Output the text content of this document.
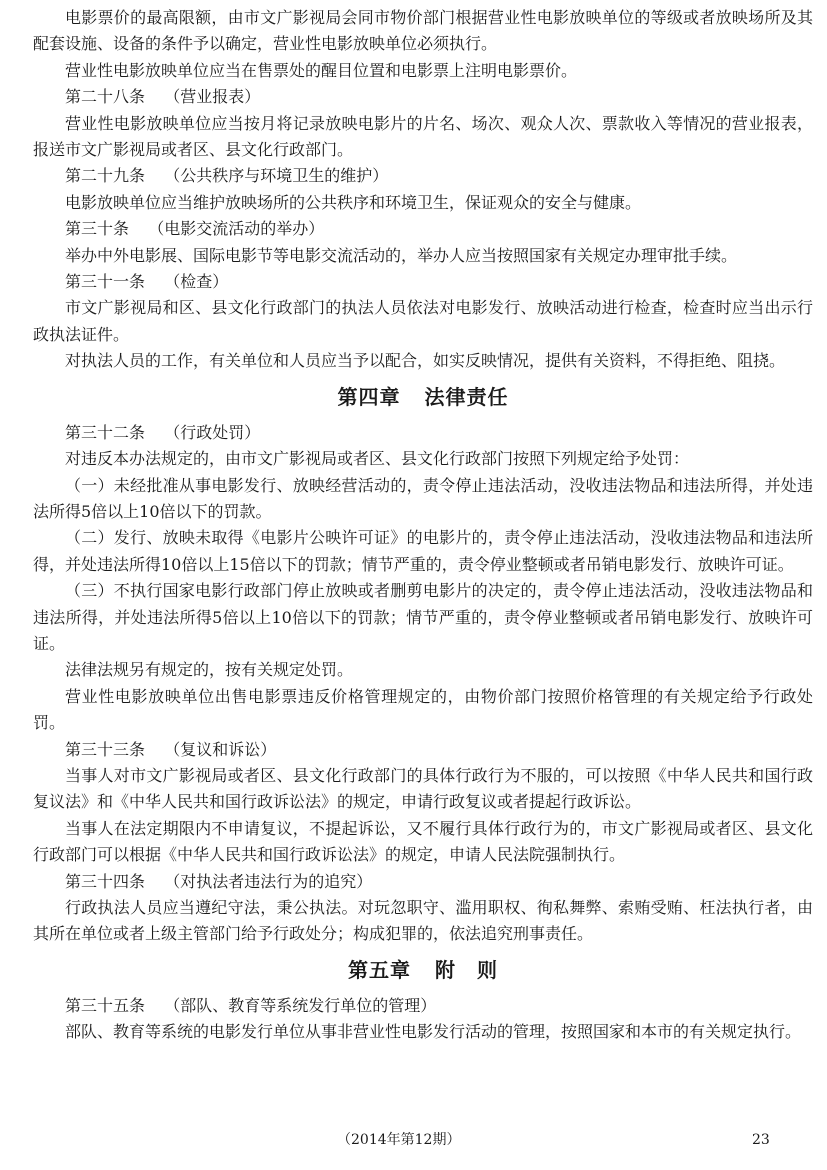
电影票价的最高限额，由市文广影视局会同市物价部门根据营业性电影放映单位的等级或者放映场所及其配套设施、设备的条件予以确定，营业性电影放映单位必须执行。

营业性电影放映单位应当在售票处的醒目位置和电影票上注明电影票价。

第二十八条 （营业报表）

营业性电影放映单位应当按月将记录放映电影片的片名、场次、观众人次、票款收入等情况的营业报表，报送市文广影视局或者区、县文化行政部门。

第二十九条 （公共秩序与环境卫生的维护）

电影放映单位应当维护放映场所的公共秩序和环境卫生，保证观众的安全与健康。

第三十条 （电影交流活动的举办）

举办中外电影展、国际电影节等电影交流活动的，举办人应当按照国家有关规定办理审批手续。

第三十一条 （检查）

市文广影视局和区、县文化行政部门的执法人员依法对电影发行、放映活动进行检查，检查时应当出示行政执法证件。

对执法人员的工作，有关单位和人员应当予以配合，如实反映情况，提供有关资料，不得拒绝、阻挠。

第四章 法律责任

第三十二条 （行政处罚）

对违反本办法规定的，由市文广影视局或者区、县文化行政部门按照下列规定给予处罚：

（一）未经批准从事电影发行、放映经营活动的，责令停止违法活动，没收违法物品和违法所得，并处违法所得5倍以上10倍以下的罚款。

（二）发行、放映未取得《电影片公映许可证》的电影片的，责令停止违法活动，没收违法物品和违法所得，并处违法所得10倍以上15倍以下的罚款；情节严重的，责令停业整顿或者吊销电影发行、放映许可证。

（三）不执行国家电影行政部门停止放映或者删剪电影片的决定的，责令停止违法活动，没收违法物品和违法所得，并处违法所得5倍以上10倍以下的罚款；情节严重的，责令停业整顿或者吊销电影发行、放映许可证。

法律法规另有规定的，按有关规定处罚。

营业性电影放映单位出售电影票违反价格管理规定的，由物价部门按照价格管理的有关规定给予行政处罚。

第三十三条 （复议和诉讼）

当事人对市文广影视局或者区、县文化行政部门的具体行政行为不服的，可以按照《中华人民共和国行政复议法》和《中华人民共和国行政诉讼法》的规定，申请行政复议或者提起行政诉讼。

当事人在法定期限内不申请复议，不提起诉讼，又不履行具体行政行为的，市文广影视局或者区、县文化行政部门可以根据《中华人民共和国行政诉讼法》的规定，申请人民法院强制执行。

第三十四条 （对执法者违法行为的追究）

行政执法人员应当遵纪守法，秉公执法。对玩忽职守、滥用职权、徇私舞弊、索贿受贿、枉法执行者，由其所在单位或者上级主管部门给予行政处分；构成犯罪的，依法追究刑事责任。

第五章 附　则

第三十五条 （部队、教育等系统发行单位的管理）

部队、教育等系统的电影发行单位从事非营业性电影发行活动的管理，按照国家和本市的有关规定执行。

（2014年第12期）	23
